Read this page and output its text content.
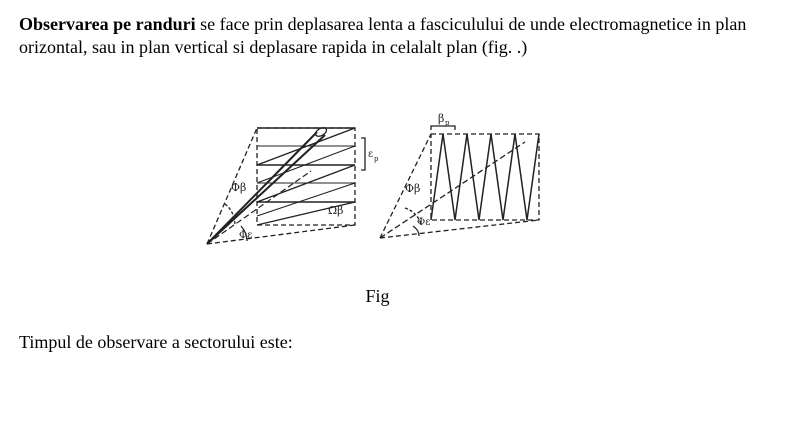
Observarea pe randuri se face prin deplasarea lenta a fasciculului de unde electromagnetice in plan orizontal, sau in plan vertical si deplasare rapida in celalalt plan (fig. .)
Φβ
Ωβ
Φε
ε p
β p
Φβ
Φε
Fig
Timpul de observare a sectorului este:
